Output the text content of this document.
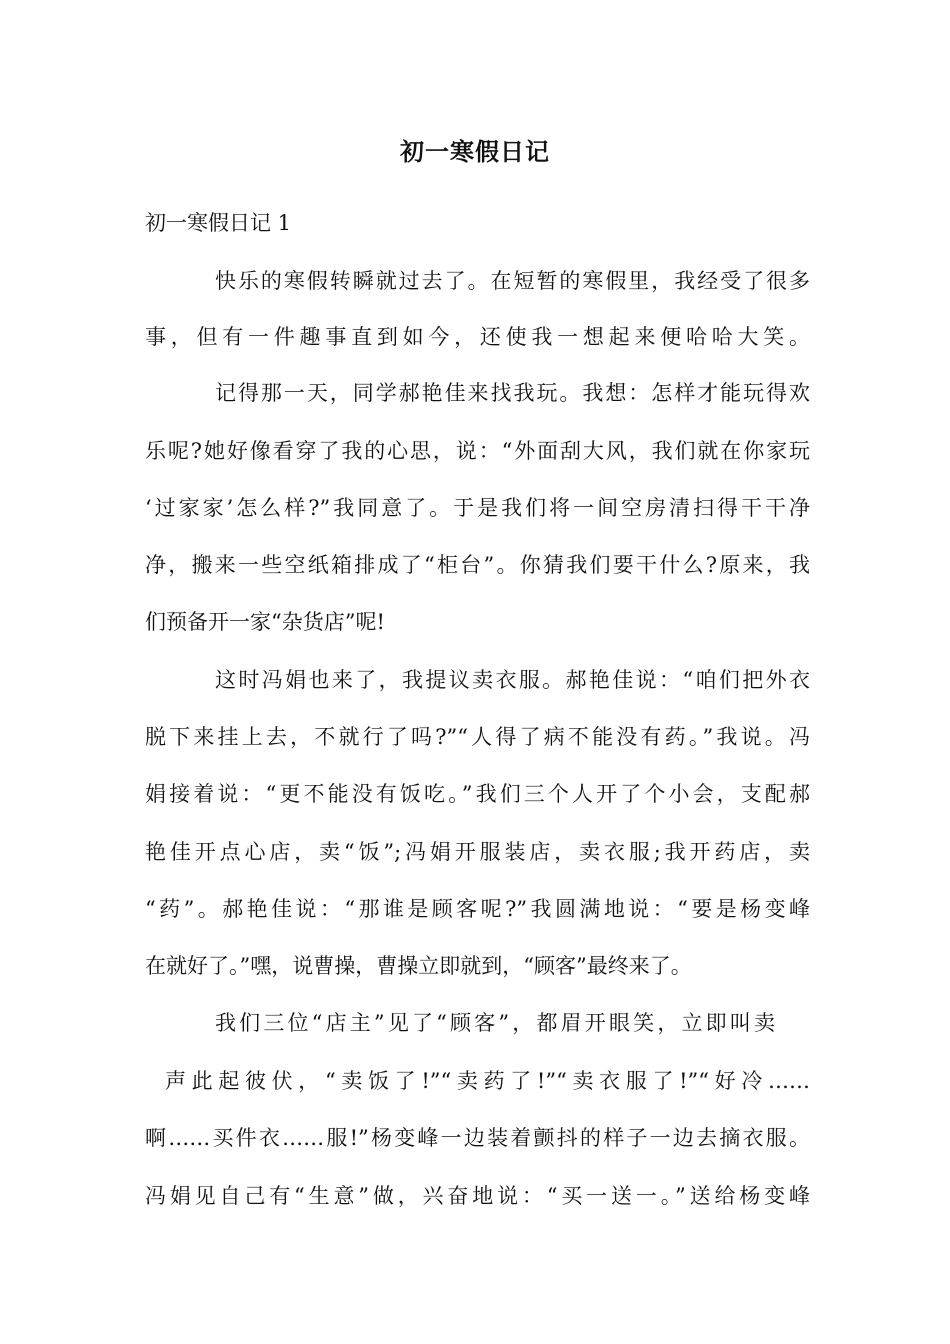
初一寒假日记
初一寒假日记 1
快乐的寒假转瞬就过去了。在短暂的寒假里，我经受了很多
事，但有一件趣事直到如今，还使我一想起来便哈哈大笑。
记得那一天，同学郝艳佳来找我玩。我想：怎样才能玩得欢
乐呢?她好像看穿了我的心思，说：“外面刮大风，我们就在你家玩
‘过家家’怎么样?”我同意了。于是我们将一间空房清扫得干干净
净，搬来一些空纸箱排成了“柜台”。你猜我们要干什么?原来，我
们预备开一家“杂货店”呢!
这时冯娟也来了，我提议卖衣服。郝艳佳说：“咱们把外衣
脱下来挂上去，不就行了吗?”“人得了病不能没有药。”我说。冯
娟接着说：“更不能没有饭吃。”我们三个人开了个小会，支配郝
艳佳开点心店，卖“饭”;冯娟开服装店，卖衣服;我开药店，卖
“药”。郝艳佳说：“那谁是顾客呢?”我圆满地说：“要是杨变峰
在就好了。”嘿，说曹操，曹操立即就到，“顾客”最终来了。
我们三位“店主”见了“顾客”，都眉开眼笑，立即叫卖
声此起彼伏，“卖饭了!”“卖药了!”“卖衣服了!”“好冷……
啊……买件衣……服!”杨变峰一边装着颤抖的样子一边去摘衣服。
冯娟见自己有“生意”做，兴奋地说：“买一送一。”送给杨变峰
